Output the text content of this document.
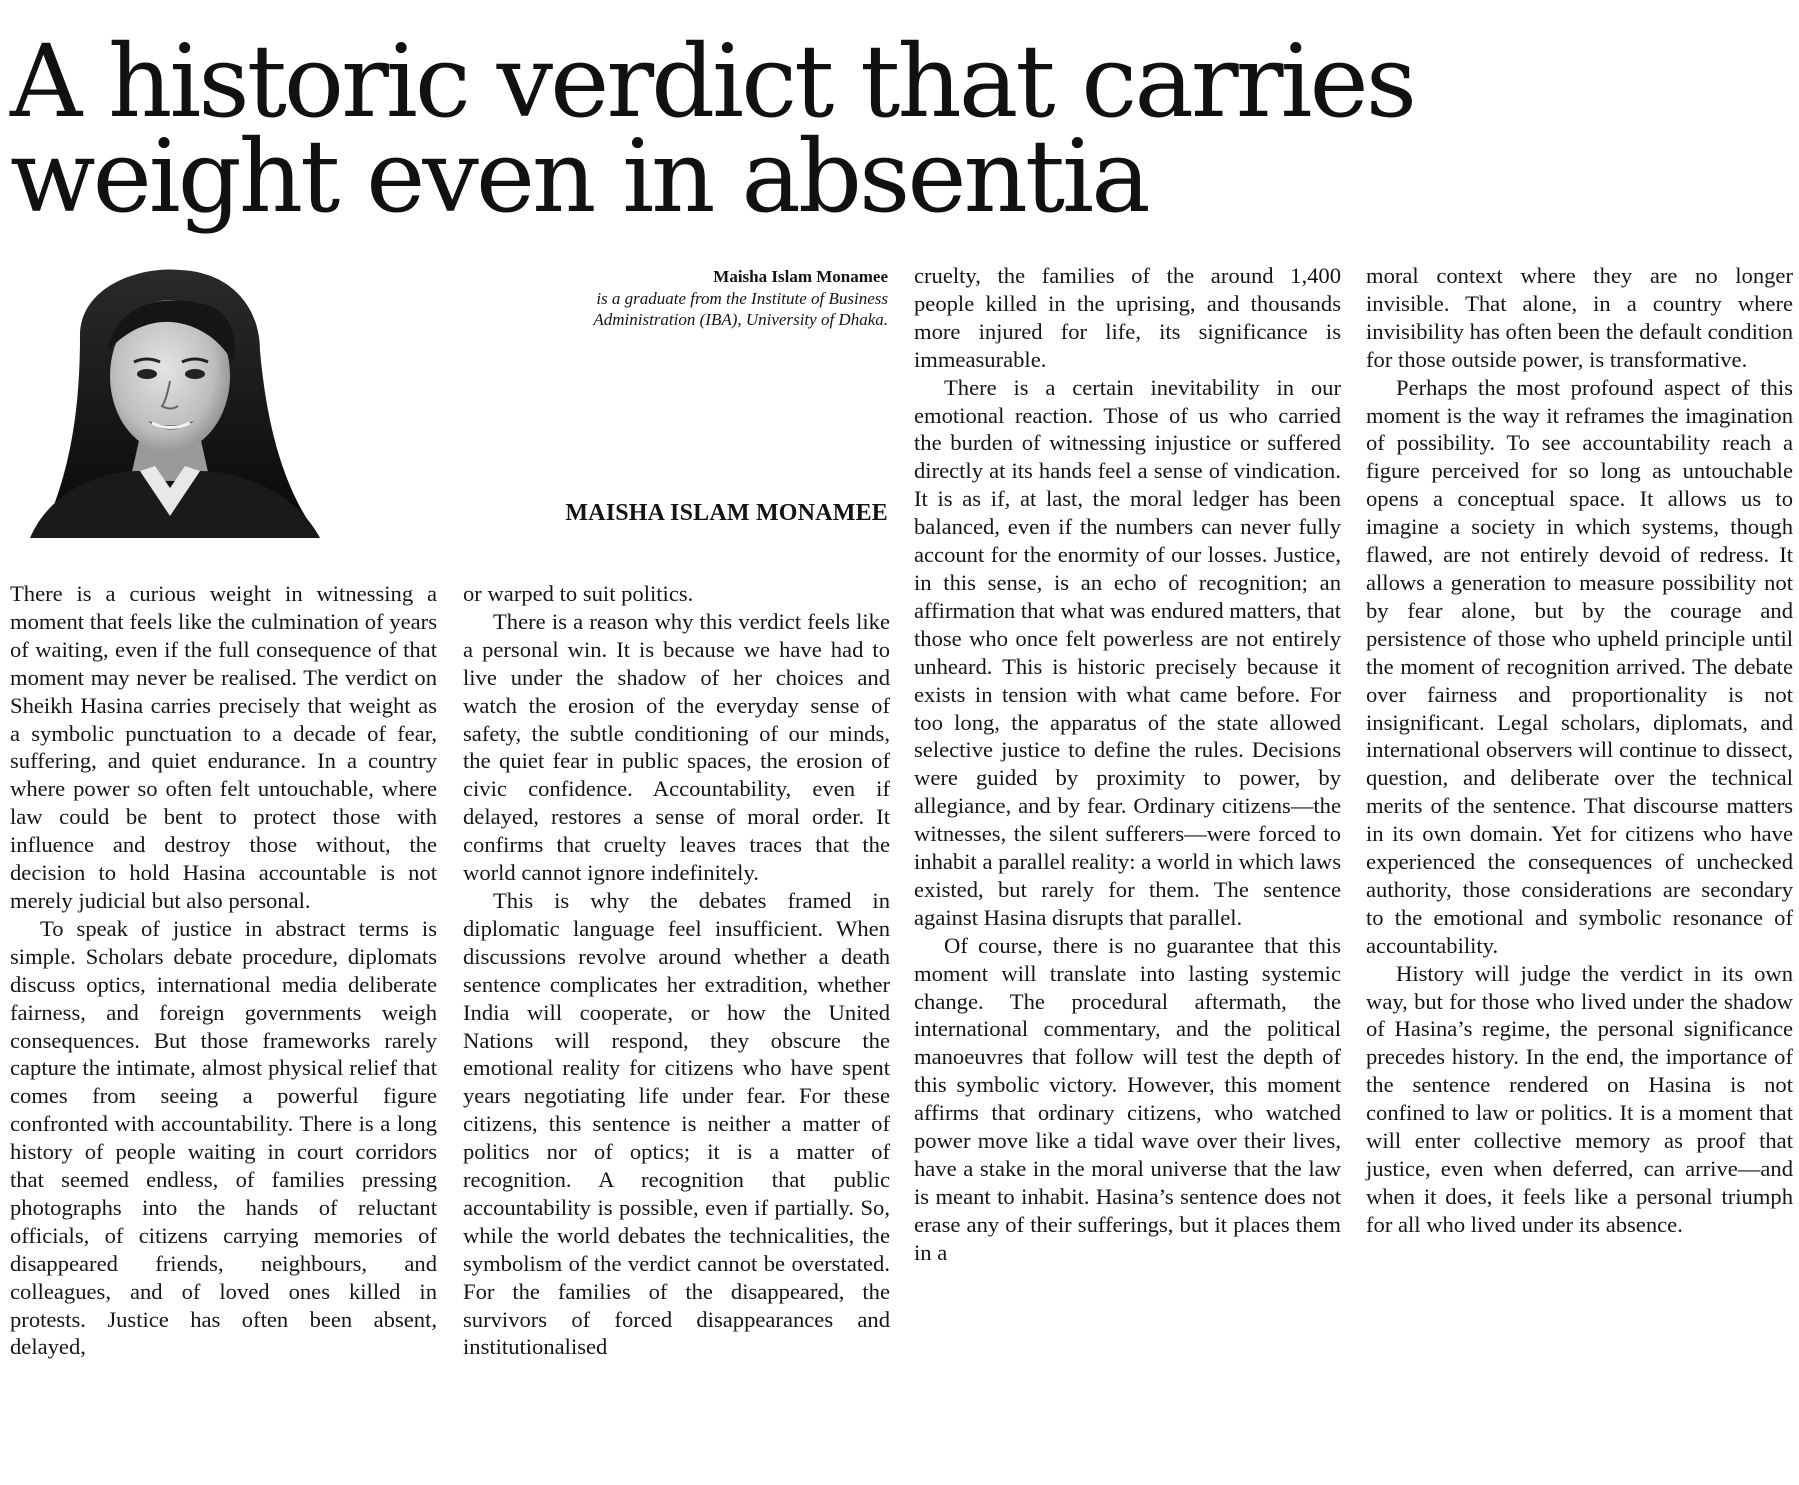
A historic verdict that carries weight even in absentia
Maisha Islam Monamee
is a graduate from the Institute of Business
Administration (IBA), University of Dhaka.
MAISHA ISLAM MONAMEE

There is a curious weight in witnessing a moment that feels like the culmination of years of waiting, even if the full consequence of that moment may never be realised. The verdict on Sheikh Hasina carries precisely that weight as a symbolic punctuation to a decade of fear, suffering, and quiet endurance. In a country where power so often felt untouchable, where law could be bent to protect those with influence and destroy those without, the decision to hold Hasina accountable is not merely judicial but also personal.

To speak of justice in abstract terms is simple. Scholars debate procedure, diplomats discuss optics, international media deliberate fairness, and foreign governments weigh consequences. But those frameworks rarely capture the intimate, almost physical relief that comes from seeing a powerful figure confronted with accountability. There is a long history of people waiting in court corridors that seemed endless, of families pressing photographs into the hands of reluctant officials, of citizens carrying memories of disappeared friends, neighbours, and colleagues, and of loved ones killed in protests. Justice has often been absent, delayed,

or warped to suit politics.

There is a reason why this verdict feels like a personal win. It is because we have had to live under the shadow of her choices and watch the erosion of the everyday sense of safety, the subtle conditioning of our minds, the quiet fear in public spaces, the erosion of civic confidence. Accountability, even if delayed, restores a sense of moral order. It confirms that cruelty leaves traces that the world cannot ignore indefinitely.

This is why the debates framed in diplomatic language feel insufficient. When discussions revolve around whether a death sentence complicates her extradition, whether India will cooperate, or how the United Nations will respond, they obscure the emotional reality for citizens who have spent years negotiating life under fear. For these citizens, this sentence is neither a matter of politics nor of optics; it is a matter of recognition. A recognition that public accountability is possible, even if partially. So, while the world debates the technicalities, the symbolism of the verdict cannot be overstated. For the families of the disappeared, the survivors of forced disappearances and institutionalised

cruelty, the families of the around 1,400 people killed in the uprising, and thousands more injured for life, its significance is immeasurable.

There is a certain inevitability in our emotional reaction. Those of us who carried the burden of witnessing injustice or suffered directly at its hands feel a sense of vindication. It is as if, at last, the moral ledger has been balanced, even if the numbers can never fully account for the enormity of our losses. Justice, in this sense, is an echo of recognition; an affirmation that what was endured matters, that those who once felt powerless are not entirely unheard. This is historic precisely because it exists in tension with what came before. For too long, the apparatus of the state allowed selective justice to define the rules. Decisions were guided by proximity to power, by allegiance, and by fear. Ordinary citizens—the witnesses, the silent sufferers—were forced to inhabit a parallel reality: a world in which laws existed, but rarely for them. The sentence against Hasina disrupts that parallel.

Of course, there is no guarantee that this moment will translate into lasting systemic change. The procedural aftermath, the international commentary, and the political manoeuvres that follow will test the depth of this symbolic victory. However, this moment affirms that ordinary citizens, who watched power move like a tidal wave over their lives, have a stake in the moral universe that the law is meant to inhabit. Hasina’s sentence does not erase any of their sufferings, but it places them in a

moral context where they are no longer invisible. That alone, in a country where invisibility has often been the default condition for those outside power, is transformative.

Perhaps the most profound aspect of this moment is the way it reframes the imagination of possibility. To see accountability reach a figure perceived for so long as untouchable opens a conceptual space. It allows us to imagine a society in which systems, though flawed, are not entirely devoid of redress. It allows a generation to measure possibility not by fear alone, but by the courage and persistence of those who upheld principle until the moment of recognition arrived. The debate over fairness and proportionality is not insignificant. Legal scholars, diplomats, and international observers will continue to dissect, question, and deliberate over the technical merits of the sentence. That discourse matters in its own domain. Yet for citizens who have experienced the consequences of unchecked authority, those considerations are secondary to the emotional and symbolic resonance of accountability.

History will judge the verdict in its own way, but for those who lived under the shadow of Hasina’s regime, the personal significance precedes history. In the end, the importance of the sentence rendered on Hasina is not confined to law or politics. It is a moment that will enter collective memory as proof that justice, even when deferred, can arrive—and when it does, it feels like a personal triumph for all who lived under its absence.
